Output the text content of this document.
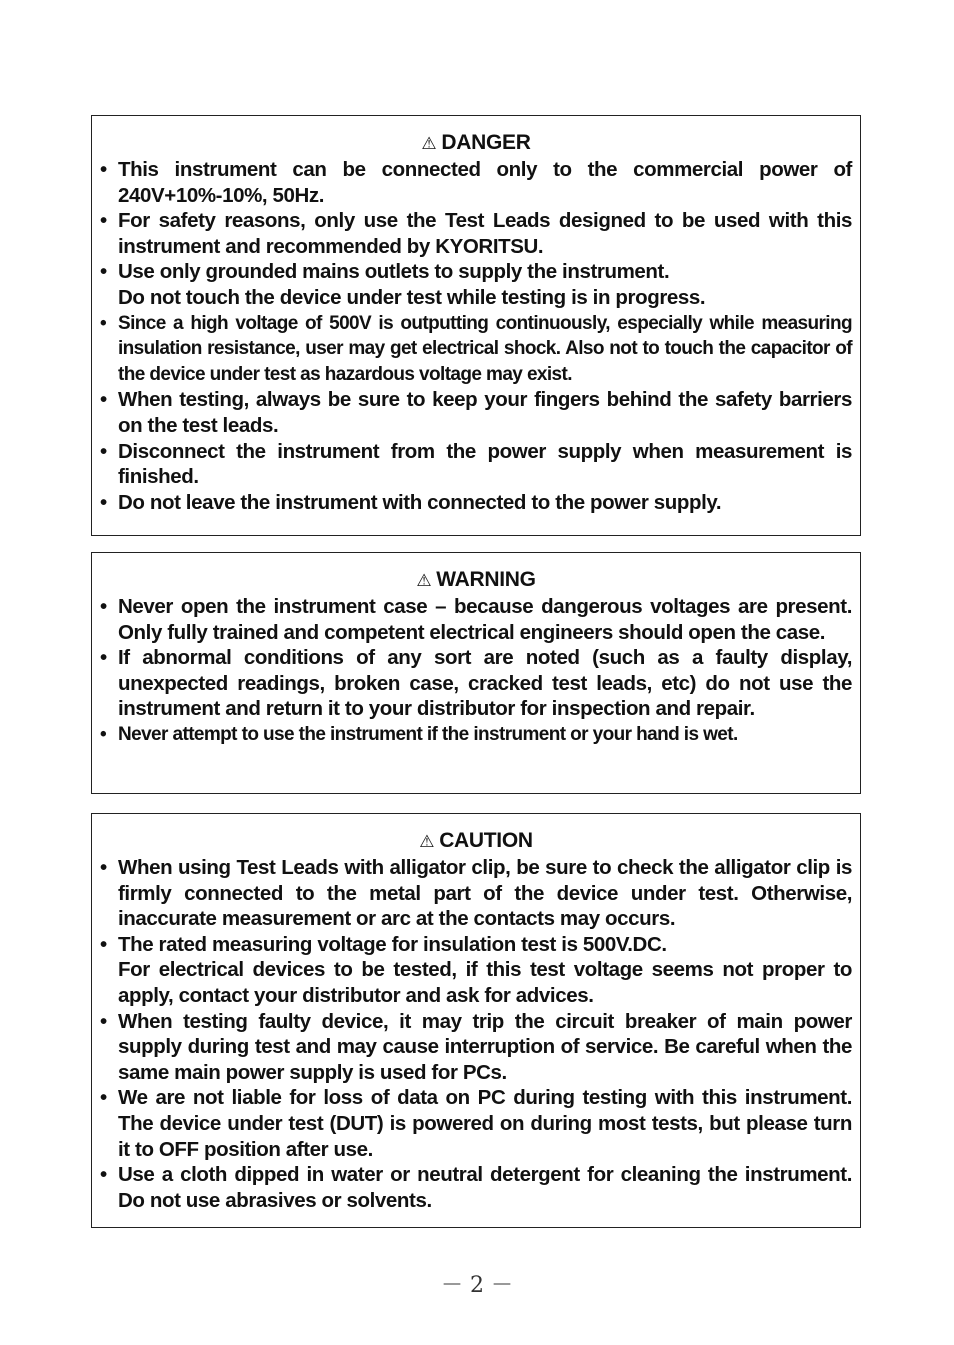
⚠ DANGER
• This instrument can be connected only to the commercial power of 240V+10%-10%, 50Hz.
• For safety reasons, only use the Test Leads designed to be used with this instrument and recommended by KYORITSU.
• Use only grounded mains outlets to supply the instrument.
Do not touch the device under test while testing is in progress.
• Since a high voltage of 500V is outputting continuously, especially while measuring insulation resistance, user may get electrical shock. Also not to touch the capacitor of the device under test as hazardous voltage may exist.
• When testing, always be sure to keep your fingers behind the safety barriers on the test leads.
• Disconnect the instrument from the power supply when measurement is finished.
• Do not leave the instrument with connected to the power supply.
⚠ WARNING
• Never open the instrument case – because dangerous voltages are present. Only fully trained and competent electrical engineers should open the case.
• If abnormal conditions of any sort are noted (such as a faulty display, unexpected readings, broken case, cracked test leads, etc) do not use the instrument and return it to your distributor for inspection and repair.
• Never attempt to use the instrument if the instrument or your hand is wet.
⚠ CAUTION
• When using Test Leads with alligator clip, be sure to check the alligator clip is firmly connected to the metal part of the device under test. Otherwise, inaccurate measurement or arc at the contacts may occurs.
• The rated measuring voltage for insulation test is 500V.DC.
For electrical devices to be tested, if this test voltage seems not proper to apply, contact your distributor and ask for advices.
• When testing faulty device, it may trip the circuit breaker of main power supply during test and may cause interruption of service. Be careful when the same main power supply is used for PCs.
• We are not liable for loss of data on PC during testing with this instrument. The device under test (DUT) is powered on during most tests, but please turn it to OFF position after use.
• Use a cloth dipped in water or neutral detergent for cleaning the instrument. Do not use abrasives or solvents.
－ 2 －
